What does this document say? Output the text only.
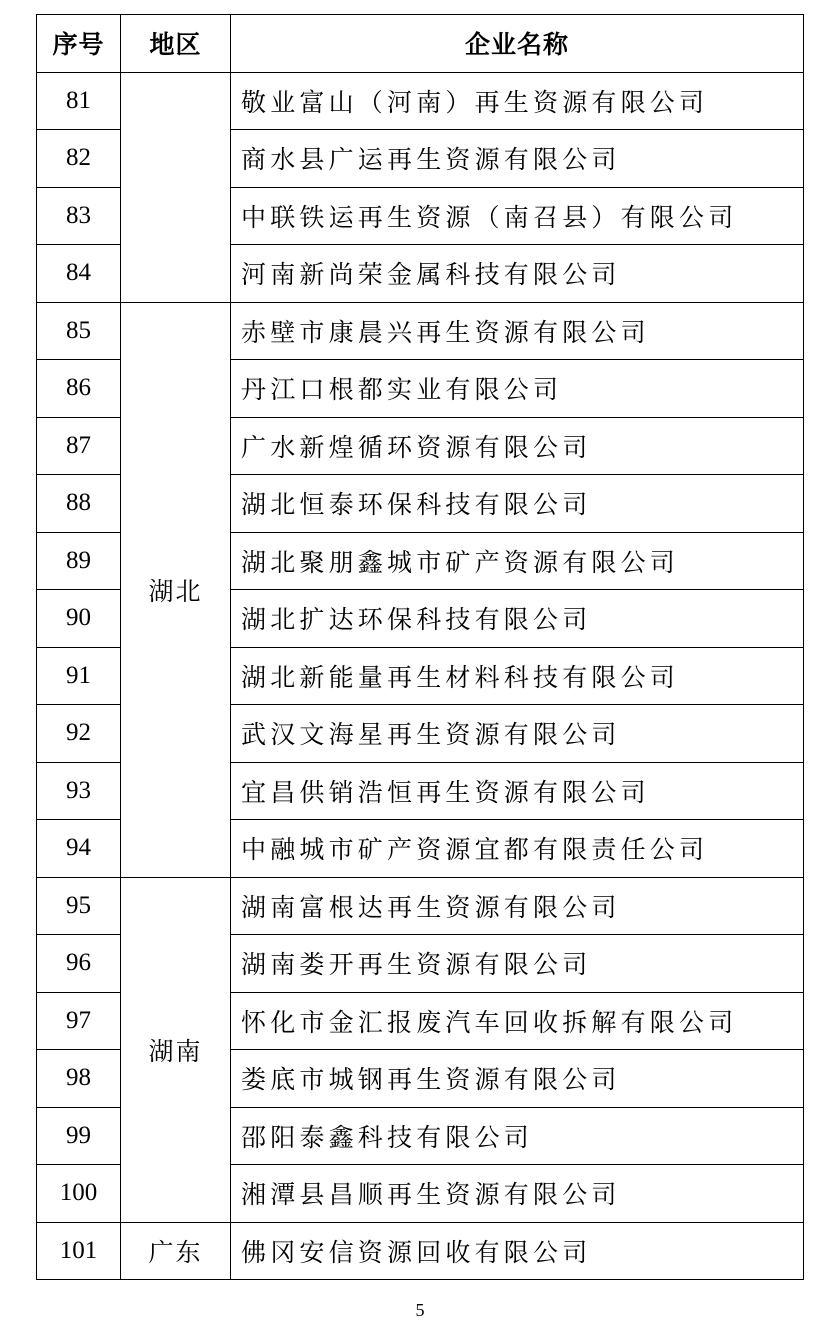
序号	地区	企业名称
81		敬业富山（河南）再生资源有限公司
82		商水县广运再生资源有限公司
83		中联铁运再生资源（南召县）有限公司
84		河南新尚荣金属科技有限公司
85	湖北	赤壁市康晨兴再生资源有限公司
86		丹江口根都实业有限公司
87		广水新煌循环资源有限公司
88		湖北恒泰环保科技有限公司
89		湖北聚朋鑫城市矿产资源有限公司
90		湖北扩达环保科技有限公司
91		湖北新能量再生材料科技有限公司
92		武汉文海星再生资源有限公司
93		宜昌供销浩恒再生资源有限公司
94		中融城市矿产资源宜都有限责任公司
95	湖南	湖南富根达再生资源有限公司
96		湖南娄开再生资源有限公司
97		怀化市金汇报废汽车回收拆解有限公司
98		娄底市城钢再生资源有限公司
99		邵阳泰鑫科技有限公司
100		湘潭县昌顺再生资源有限公司
101	广东	佛冈安信资源回收有限公司
5
